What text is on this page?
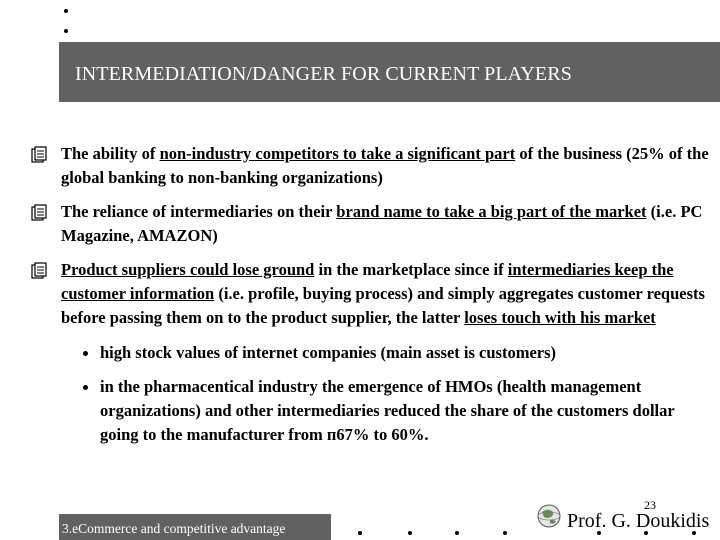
INTERMEDIATION/DANGER FOR CURRENT PLAYERS
The ability of non-industry competitors to take a significant part of the business (25% of the global banking to non-banking organizations)
The reliance of intermediaries on their brand name to take a big part of the market (i.e. PC Magazine, AMAZON)
Product suppliers could lose ground in the marketplace since if intermediaries keep the customer information (i.e. profile, buying process) and simply aggregates customer requests before passing them on to the product supplier, the latter loses touch with his market
high stock values of internet companies (main asset is customers)
in the pharmacentical industry the emergence of HMOs (health management organizations) and other intermediaries reduced the share of the customers dollar going to the manufacturer from п67% to 60%.
23
3.eCommerce and competitive advantage	Prof. G. Doukidis
